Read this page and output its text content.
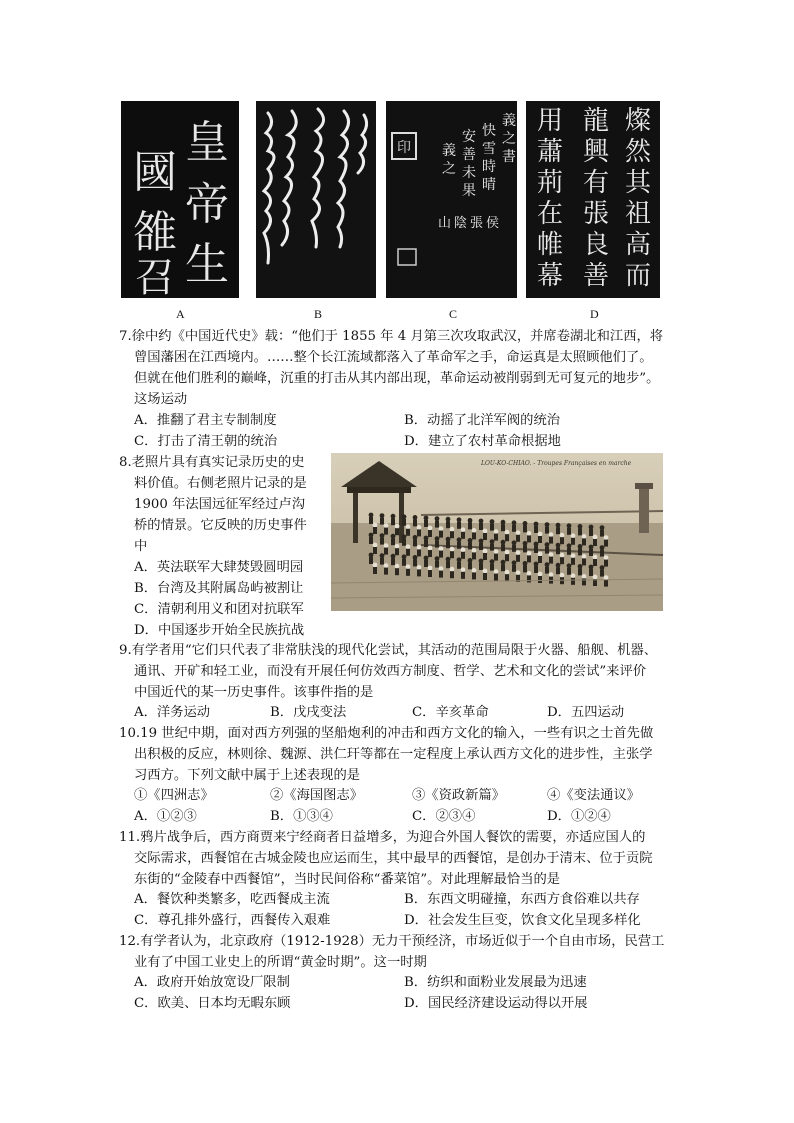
皇
帝
生
國
雒
召
印
義
之
書
快
雪
時
晴
安
善
未
果
義
之
山 陰 張 侯
燦
然
其
祖
高
而
龍
興
有
張
良
善
用
蕭
荊
在
帷
幕
A	B	C	D
7.徐中约《中国近代史》载：“他们于 1855 年 4 月第三次攻取武汉，并席卷湖北和江西，将
曾国藩困在江西境内。……整个长江流域都落入了革命军之手，命运真是太照顾他们了。
但就在他们胜利的巅峰，沉重的打击从其内部出现，革命运动被削弱到无可复元的地步”。
这场运动
A．推翻了君主专制制度	B．动摇了北洋军阀的统治
C．打击了清王朝的统治	D．建立了农村革命根据地
8.老照片具有真实记录历史的史
料价值。右侧老照片记录的是
1900 年法国远征军经过卢沟
桥的情景。它反映的历史事件
中
A．英法联军大肆焚毁圆明园
B．台湾及其附属岛屿被割让
C．清朝利用义和团对抗联军
D．中国逐步开始全民族抗战
LOU-KO-CHIAO. - Troupes Françaises en marche
9.有学者用“它们只代表了非常肤浅的现代化尝试，其活动的范围局限于火器、船舰、机器、
通讯、开矿和轻工业，而没有开展任何仿效西方制度、哲学、艺术和文化的尝试”来评价
中国近代的某一历史事件。该事件指的是
A．洋务运动	B．戊戌变法	C．辛亥革命	D．五四运动
10.19 世纪中期，面对西方列强的坚船炮利的冲击和西方文化的输入，一些有识之士首先做
出积极的反应，林则徐、魏源、洪仁玕等都在一定程度上承认西方文化的进步性，主张学
习西方。下列文献中属于上述表现的是
①《四洲志》	②《海国图志》	③《资政新篇》	④《变法通议》
A．①②③	B．①③④	C．②③④	D．①②④
11.鸦片战争后，西方商贾来宁经商者日益增多，为迎合外国人餐饮的需要，亦适应国人的
交际需求，西餐馆在古城金陵也应运而生，其中最早的西餐馆，是创办于清末、位于贡院
东街的“金陵春中西餐馆”，当时民间俗称“番菜馆”。对此理解最恰当的是
A．餐饮种类繁多，吃西餐成主流	B．东西文明碰撞，东西方食俗难以共存
C．尊孔排外盛行，西餐传入艰难	D．社会发生巨变，饮食文化呈现多样化
12.有学者认为，北京政府（1912-1928）无力干预经济，市场近似于一个自由市场，民营工
业有了中国工业史上的所谓“黄金时期”。这一时期
A．政府开始放宽设厂限制	B．纺织和面粉业发展最为迅速
C．欧美、日本均无暇东顾	D．国民经济建设运动得以开展
